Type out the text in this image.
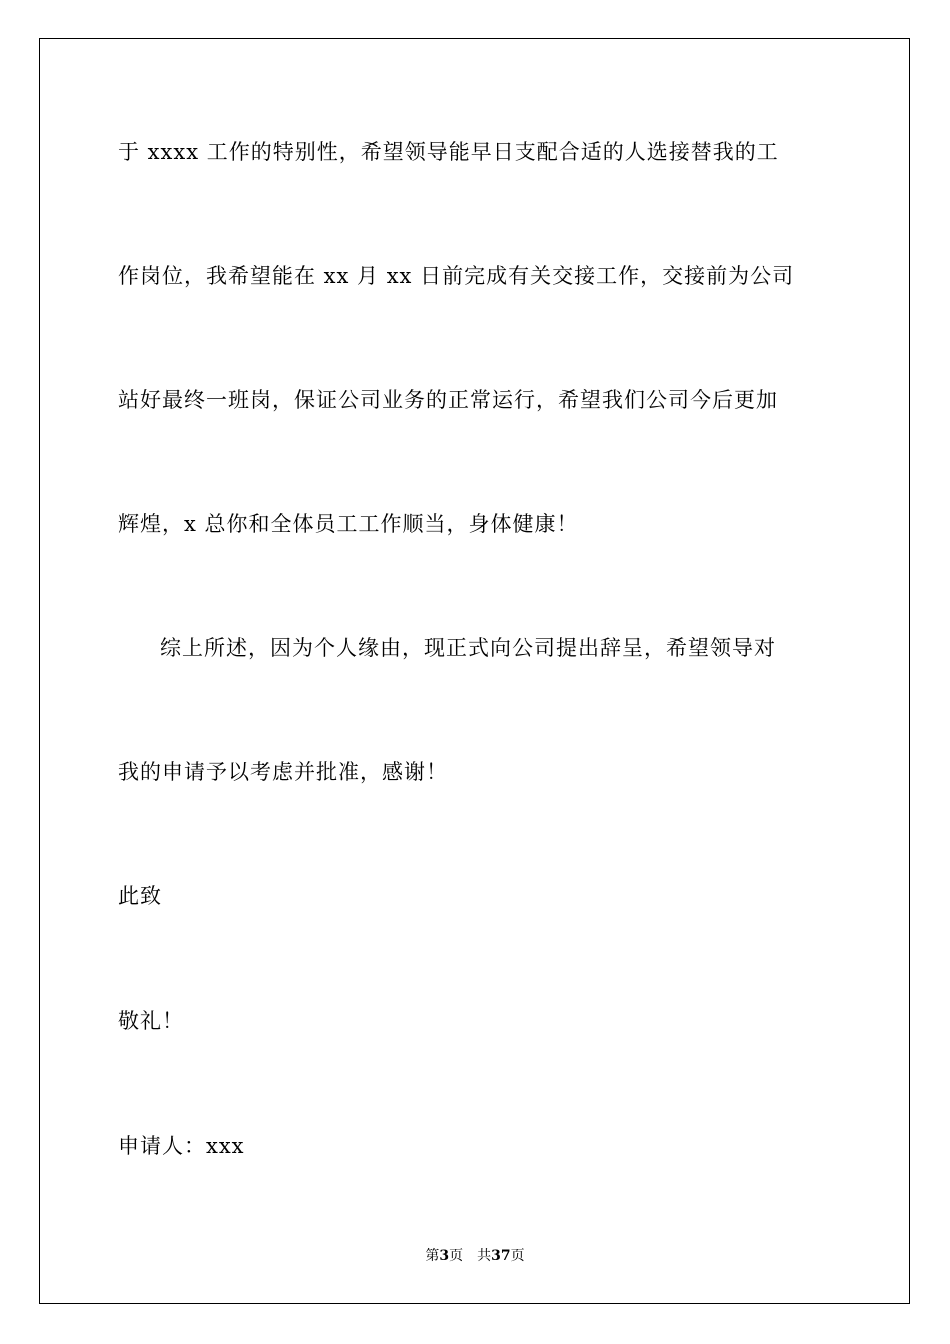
于 xxxx 工作的特别性，希望领导能早日支配合适的人选接替我的工
作岗位，我希望能在 xx 月 xx 日前完成有关交接工作，交接前为公司
站好最终一班岗，保证公司业务的正常运行，希望我们公司今后更加
辉煌，x 总你和全体员工工作顺当，身体健康！
综上所述，因为个人缘由，现正式向公司提出辞呈，希望领导对
我的申请予以考虑并批准，感谢！
此致
敬礼！
申请人：xxx
第3页 共37页
